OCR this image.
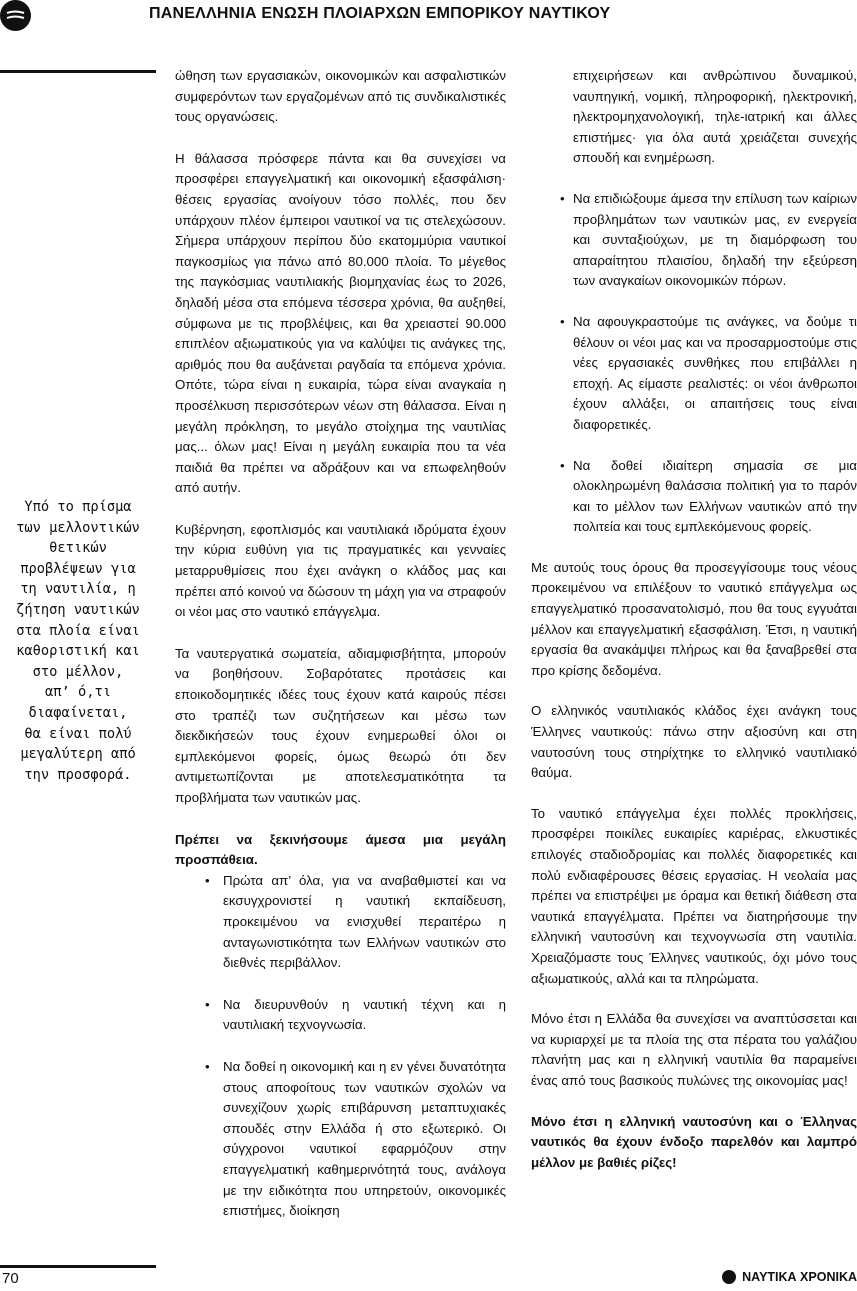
ΠΑΝΕΛΛΗΝΙΑ ΕΝΩΣΗ ΠΛΟΙΑΡΧΩΝ ΕΜΠΟΡΙΚΟΥ ΝΑΥΤΙΚΟΥ
Υπό το πρίσμα
των μελλοντικών
θετικών
προβλέψεων για
τη ναυτιλία, η
ζήτηση ναυτικών
στα πλοία είναι
καθοριστική και
στο μέλλον,
απ’ ό,τι
διαφαίνεται,
θα είναι πολύ
μεγαλύτερη από
την προσφορά.

ώθηση των εργασιακών, οικονομικών και ασφαλιστικών συμφερόντων των εργαζομένων από τις συνδικαλιστικές τους οργανώσεις.

Η θάλασσα πρόσφερε πάντα και θα συνεχίσει να προσφέρει επαγγελματική και οικονομική εξασφάλιση· θέσεις εργασίας ανοίγουν τόσο πολλές, που δεν υπάρχουν πλέον έμπειροι ναυτικοί να τις στελεχώσουν. Σήμερα υπάρχουν περίπου δύο εκατομμύρια ναυτικοί παγκοσμίως για πάνω από 80.000 πλοία. Το μέγεθος της παγκόσμιας ναυτιλιακής βιομηχανίας έως το 2026, δηλαδή μέσα στα επόμενα τέσσερα χρόνια, θα αυξηθεί, σύμφωνα με τις προβλέψεις, και θα χρειαστεί 90.000 επιπλέον αξιωματικούς για να καλύψει τις ανάγκες της, αριθμός που θα αυξάνεται ραγδαία τα επόμενα χρόνια. Οπότε, τώρα είναι η ευκαιρία, τώρα είναι αναγκαία η προσέλκυση περισσότερων νέων στη θάλασσα. Είναι η μεγάλη πρόκληση, το μεγάλο στοίχημα της ναυτιλίας μας... όλων μας! Είναι η μεγάλη ευκαιρία που τα νέα παιδιά θα πρέπει να αδράξουν και να επωφεληθούν από αυτήν.

Κυβέρνηση, εφοπλισμός και ναυτιλιακά ιδρύματα έχουν την κύρια ευθύνη για τις πραγματικές και γενναίες μεταρρυθμίσεις που έχει ανάγκη ο κλάδος μας και πρέπει από κοινού να δώσουν τη μάχη για να στραφούν οι νέοι μας στο ναυτικό επάγγελμα.

Τα ναυτεργατικά σωματεία, αδιαμφισβήτητα, μπορούν να βοηθήσουν. Σοβαρότατες προτάσεις και εποικοδομητικές ιδέες τους έχουν κατά καιρούς πέσει στο τραπέζι των συζητήσεων και μέσω των διεκδικήσεών τους έχουν ενημερωθεί όλοι οι εμπλεκόμενοι φορείς, όμως θεωρώ ότι δεν αντιμετωπίζονται με αποτελεσματικότητα τα προβλήματα των ναυτικών μας.

Πρέπει να ξεκινήσουμε άμεσα μια μεγάλη προσπάθεια.

• Πρώτα απ’ όλα, για να αναβαθμιστεί και να εκσυγχρονιστεί η ναυτική εκπαίδευση, προκειμένου να ενισχυθεί περαιτέρω η ανταγωνιστικότητα των Ελλήνων ναυτικών στο διεθνές περιβάλλον.
• Να διευρυνθούν η ναυτική τέχνη και η ναυτιλιακή τεχνογνωσία.
• Να δοθεί η οικονομική και η εν γένει δυνατότητα στους αποφοίτους των ναυτικών σχολών να συνεχίζουν χωρίς επιβάρυνση μεταπτυχιακές σπουδές στην Ελλάδα ή στο εξωτερικό. Οι σύγχρονοι ναυτικοί εφαρμόζουν στην επαγγελματική καθημερινότητά τους, ανάλογα με την ειδικότητα που υπηρετούν, οικονομικές επιστήμες, διοίκηση
επιχειρήσεων και ανθρώπινου δυναμικού, ναυπηγική, νομική, πληροφορική, ηλεκτρονική, ηλεκτρομηχανολογική, τηλε-ιατρική και άλλες επιστήμες· για όλα αυτά χρειάζεται συνεχής σπουδή και ενημέρωση.
• Να επιδιώξουμε άμεσα την επίλυση των καίριων προβλημάτων των ναυτικών μας, εν ενεργεία και συνταξιούχων, με τη διαμόρφωση του απαραίτητου πλαισίου, δηλαδή την εξεύρεση των αναγκαίων οικονομικών πόρων.
• Να αφουγκραστούμε τις ανάγκες, να δούμε τι θέλουν οι νέοι μας και να προσαρμοστούμε στις νέες εργασιακές συνθήκες που επιβάλλει η εποχή. Ας είμαστε ρεαλιστές: οι νέοι άνθρωποι έχουν αλλάξει, οι απαιτήσεις τους είναι διαφορετικές.
• Να δοθεί ιδιαίτερη σημασία σε μια ολοκληρωμένη θαλάσσια πολιτική για το παρόν και το μέλλον των Ελλήνων ναυτικών από την πολιτεία και τους εμπλεκόμενους φορείς.

Με αυτούς τους όρους θα προσεγγίσουμε τους νέους προκειμένου να επιλέξουν το ναυτικό επάγγελμα ως επαγγελματικό προσανατολισμό, που θα τους εγγυάται μέλλον και επαγγελματική εξασφάλιση. Έτσι, η ναυτική εργασία θα ανακάμψει πλήρως και θα ξαναβρεθεί στα προ κρίσης δεδομένα.

Ο ελληνικός ναυτιλιακός κλάδος έχει ανάγκη τους Έλληνες ναυτικούς: πάνω στην αξιοσύνη και στη ναυτοσύνη τους στηρίχτηκε το ελληνικό ναυτιλιακό θαύμα.

Το ναυτικό επάγγελμα έχει πολλές προκλήσεις, προσφέρει ποικίλες ευκαιρίες καριέρας, ελκυστικές επιλογές σταδιοδρομίας και πολλές διαφορετικές και πολύ ενδιαφέρουσες θέσεις εργασίας. Η νεολαία μας πρέπει να επιστρέψει με όραμα και θετική διάθεση στα ναυτικά επαγγέλματα. Πρέπει να διατηρήσουμε την ελληνική ναυτοσύνη και τεχνογνωσία στη ναυτιλία. Χρειαζόμαστε τους Έλληνες ναυτικούς, όχι μόνο τους αξιωματικούς, αλλά και τα πληρώματα.

Μόνο έτσι η Ελλάδα θα συνεχίσει να αναπτύσσεται και να κυριαρχεί με τα πλοία της στα πέρατα του γαλάζιου πλανήτη μας και η ελληνική ναυτιλία θα παραμείνει ένας από τους βασικούς πυλώνες της οικονομίας μας!

Μόνο έτσι η ελληνική ναυτοσύνη και ο Έλληνας ναυτικός θα έχουν ένδοξο παρελθόν και λαμπρό μέλλον με βαθιές ρίζες!

70	ΝΑΥΤΙΚΑ ΧΡΟΝΙΚΑ
